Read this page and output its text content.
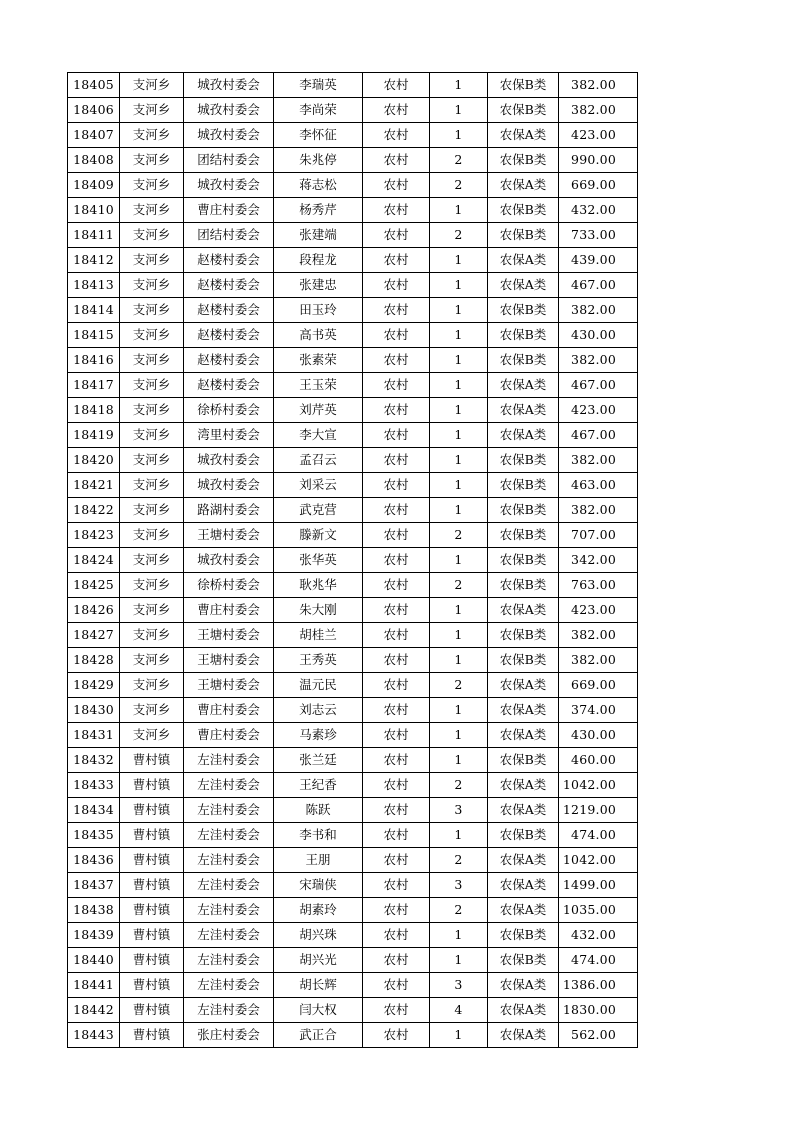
18405	支河乡	城孜村委会	李瑞英	农村	1	农保B类	382.00
18406	支河乡	城孜村委会	李尚荣	农村	1	农保B类	382.00
18407	支河乡	城孜村委会	李怀征	农村	1	农保A类	423.00
18408	支河乡	团结村委会	朱兆停	农村	2	农保B类	990.00
18409	支河乡	城孜村委会	蒋志松	农村	2	农保A类	669.00
18410	支河乡	曹庄村委会	杨秀芹	农村	1	农保B类	432.00
18411	支河乡	团结村委会	张建端	农村	2	农保B类	733.00
18412	支河乡	赵楼村委会	段程龙	农村	1	农保A类	439.00
18413	支河乡	赵楼村委会	张建忠	农村	1	农保A类	467.00
18414	支河乡	赵楼村委会	田玉玲	农村	1	农保B类	382.00
18415	支河乡	赵楼村委会	高书英	农村	1	农保B类	430.00
18416	支河乡	赵楼村委会	张素荣	农村	1	农保B类	382.00
18417	支河乡	赵楼村委会	王玉荣	农村	1	农保A类	467.00
18418	支河乡	徐桥村委会	刘芹英	农村	1	农保A类	423.00
18419	支河乡	湾里村委会	李大宣	农村	1	农保A类	467.00
18420	支河乡	城孜村委会	孟召云	农村	1	农保B类	382.00
18421	支河乡	城孜村委会	刘采云	农村	1	农保B类	463.00
18422	支河乡	路湖村委会	武克营	农村	1	农保B类	382.00
18423	支河乡	王塘村委会	滕新文	农村	2	农保B类	707.00
18424	支河乡	城孜村委会	张华英	农村	1	农保B类	342.00
18425	支河乡	徐桥村委会	耿兆华	农村	2	农保B类	763.00
18426	支河乡	曹庄村委会	朱大刚	农村	1	农保A类	423.00
18427	支河乡	王塘村委会	胡桂兰	农村	1	农保B类	382.00
18428	支河乡	王塘村委会	王秀英	农村	1	农保B类	382.00
18429	支河乡	王塘村委会	温元民	农村	2	农保A类	669.00
18430	支河乡	曹庄村委会	刘志云	农村	1	农保A类	374.00
18431	支河乡	曹庄村委会	马素珍	农村	1	农保A类	430.00
18432	曹村镇	左洼村委会	张兰廷	农村	1	农保B类	460.00
18433	曹村镇	左洼村委会	王纪香	农村	2	农保A类	1042.00
18434	曹村镇	左洼村委会	陈跃	农村	3	农保A类	1219.00
18435	曹村镇	左洼村委会	李书和	农村	1	农保B类	474.00
18436	曹村镇	左洼村委会	王朋	农村	2	农保A类	1042.00
18437	曹村镇	左洼村委会	宋瑞侠	农村	3	农保A类	1499.00
18438	曹村镇	左洼村委会	胡素玲	农村	2	农保A类	1035.00
18439	曹村镇	左洼村委会	胡兴珠	农村	1	农保B类	432.00
18440	曹村镇	左洼村委会	胡兴光	农村	1	农保B类	474.00
18441	曹村镇	左洼村委会	胡长辉	农村	3	农保A类	1386.00
18442	曹村镇	左洼村委会	闫大权	农村	4	农保A类	1830.00
18443	曹村镇	张庄村委会	武正合	农村	1	农保A类	562.00
